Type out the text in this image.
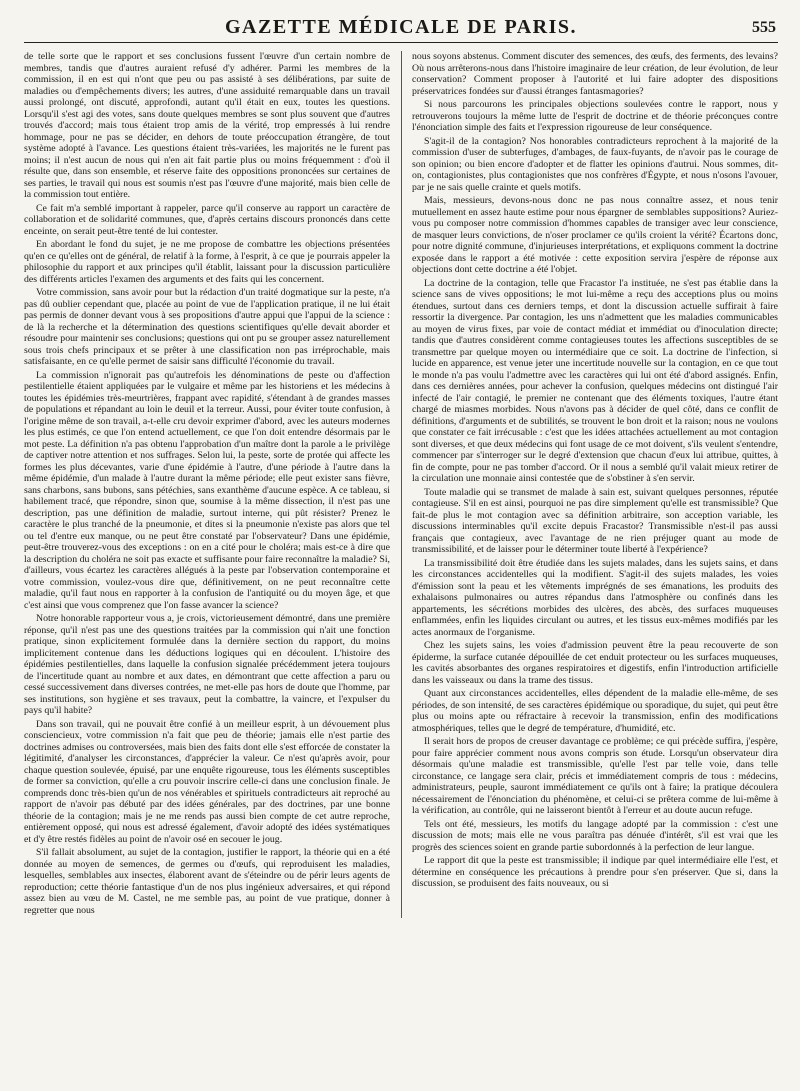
GAZETTE MÉDICALE DE PARIS.	555

de telle sorte que le rapport et ses conclusions fussent l'œuvre d'un certain nombre de membres, tandis que d'autres auraient refusé d'y adhérer. Parmi les membres de la commission, il en est qui n'ont que peu ou pas assisté à ses délibérations, par suite de maladies ou d'empêchements divers; les autres, d'une assiduité remarquable dans un travail aussi prolongé, ont discuté, approfondi, autant qu'il était en eux, toutes les questions. Lorsqu'il s'est agi des votes, sans doute quelques membres se sont plus souvent que d'autres trouvés d'accord; mais tous étaient trop amis de la vérité, trop empressés à lui rendre hommage, pour ne pas se décider, en dehors de toute préoccupation étrangère, de tout système adopté à l'avance. Les questions étaient très-variées, les majorités ne le furent pas moins; il n'est aucun de nous qui n'en ait fait partie plus ou moins fréquemment : d'où il résulte que, dans son ensemble, et réserve faite des oppositions prononcées sur certaines de ses parties, le travail qui nous est soumis n'est pas l'œuvre d'une majorité, mais bien celle de la commission tout entière.

Ce fait m'a semblé important à rappeler, parce qu'il conserve au rapport un caractère de collaboration et de solidarité communes, que, d'après certains discours prononcés dans cette enceinte, on serait peut-être tenté de lui contester.

En abordant le fond du sujet, je ne me propose de combattre les objections présentées qu'en ce qu'elles ont de général, de relatif à la forme, à l'esprit, à ce que je pourrais appeler la philosophie du rapport et aux principes qu'il établit, laissant pour la discussion particulière des différents articles l'examen des arguments et des faits qui les concernent.

Votre commission, sans avoir pour but la rédaction d'un traité dogmatique sur la peste, n'a pas dû oublier cependant que, placée au point de vue de l'application pratique, il ne lui était pas permis de donner devant vous à ses propositions d'autre appui que l'appui de la science : de là la recherche et la détermination des questions scientifiques qu'elle devait aborder et résoudre pour maintenir ses conclusions; questions qui ont pu se grouper assez naturellement sous trois chefs principaux et se prêter à une classification non pas irréprochable, mais satisfaisante, en ce qu'elle permet de saisir sans difficulté l'économie du travail.

La commission n'ignorait pas qu'autrefois les dénominations de peste ou d'affection pestilentielle étaient appliquées par le vulgaire et même par les historiens et les médecins à toutes les épidémies très-meurtrières, frappant avec rapidité, s'étendant à de grandes masses de populations et répandant au loin le deuil et la terreur. Aussi, pour éviter toute confusion, à l'origine même de son travail, a-t-elle cru devoir exprimer d'abord, avec les auteurs modernes les plus estimés, ce que l'on entend actuellement, ce que l'on doit entendre désormais par le mot peste. La définition n'a pas obtenu l'approbation d'un maître dont la parole a le privilège de captiver notre attention et nos suffrages. Selon lui, la peste, sorte de protée qui affecte les formes les plus décevantes, varie d'une épidémie à l'autre, d'une période à l'autre dans la même épidémie, d'un malade à l'autre durant la même période; elle peut exister sans fièvre, sans charbons, sans bubons, sans pétéchies, sans exanthème d'aucune espèce. A ce tableau, si habilement tracé, que répondre, sinon que, soumise à la même dissection, il n'est pas une description, pas une définition de maladie, surtout interne, qui pût résister? Prenez le caractère le plus tranché de la pneumonie, et dites si la pneumonie n'existe pas alors que tel ou tel d'entre eux manque, ou ne peut être constaté par l'observateur? Dans une épidémie, peut-être trouverez-vous des exceptions : on en a cité pour le choléra; mais est-ce à dire que la description du choléra ne soit pas exacte et suffisante pour faire reconnaître la maladie? Si, d'ailleurs, vous écartez les caractères allégués à la peste par l'observation contemporaine et votre commission, voulez-vous dire que, définitivement, on ne peut reconnaître cette maladie, qu'il faut nous en rapporter à la confusion de l'antiquité ou du moyen âge, et que c'est ainsi que vous comprenez que l'on fasse avancer la science?

Notre honorable rapporteur vous a, je crois, victorieusement démontré, dans une première réponse, qu'il n'est pas une des questions traitées par la commission qui n'ait une fonction pratique, sinon explicitement formulée dans la dernière section du rapport, du moins implicitement contenue dans les déductions logiques qui en découlent. L'histoire des épidémies pestilentielles, dans laquelle la confusion signalée précédemment jetera toujours de l'incertitude quant au nombre et aux dates, en démontrant que cette affection a paru ou cessé successivement dans diverses contrées, ne met-elle pas hors de doute que l'homme, par ses institutions, son hygiène et ses travaux, peut la combattre, la vaincre, et l'expulser du pays qu'il habite?

Dans son travail, qui ne pouvait être confié à un meilleur esprit, à un dévouement plus consciencieux, votre commission n'a fait que peu de théorie; jamais elle n'est partie des doctrines admises ou controversées, mais bien des faits dont elle s'est efforcée de constater la légitimité, d'analyser les circonstances, d'apprécier la valeur. Ce n'est qu'après avoir, pour chaque question soulevée, épuisé, par une enquête rigoureuse, tous les éléments susceptibles de former sa conviction, qu'elle a cru pouvoir inscrire celle-ci dans une conclusion finale. Je comprends donc très-bien qu'un de nos vénérables et spirituels contradicteurs ait reproché au rapport de n'avoir pas débuté par des idées générales, par des doctrines, par une bonne théorie de la contagion; mais je ne me rends pas aussi bien compte de cet autre reproche, entièrement opposé, qui nous est adressé également, d'avoir adopté des idées systématiques et d'y être restés fidèles au point de n'avoir osé en secouer le joug.

S'il fallait absolument, au sujet de la contagion, justifier le rapport, la théorie qui en a été donnée au moyen de semences, de germes ou d'œufs, qui reproduisent les maladies, lesquelles, semblables aux insectes, élaborent avant de s'éteindre ou de périr leurs agents de reproduction; cette théorie fantastique d'un de nos plus ingénieux adversaires, et qui répond assez bien au vœu de M. Castel, ne me semble pas, au point de vue pratique, donner à regretter que nous

nous soyons abstenus. Comment discuter des semences, des œufs, des ferments, des levains? Où nous arrêterons-nous dans l'histoire imaginaire de leur création, de leur évolution, de leur conservation? Comment proposer à l'autorité et lui faire adopter des dispositions préservatrices fondées sur d'aussi étranges fantasmagories?

Si nous parcourons les principales objections soulevées contre le rapport, nous y retrouverons toujours la même lutte de l'esprit de doctrine et de théorie préconçues contre l'énonciation simple des faits et l'expression rigoureuse de leur conséquence.

S'agit-il de la contagion? Nos honorables contradicteurs reprochent à la majorité de la commission d'user de subterfuges, d'ambages, de faux-fuyants, de n'avoir pas le courage de son opinion; ou bien encore d'adopter et de flatter les opinions d'autrui. Nous sommes, dit-on, contagionistes, plus contagionistes que nos confrères d'Égypte, et nous n'osons l'avouer, par je ne sais quelle crainte et quels motifs.

Mais, messieurs, devons-nous donc ne pas nous connaître assez, et nous tenir mutuellement en assez haute estime pour nous épargner de semblables suppositions? Auriez-vous pu composer notre commission d'hommes capables de transiger avec leur conscience, de masquer leurs convictions, de n'oser proclamer ce qu'ils croient la vérité? Écartons donc, pour notre dignité commune, d'injurieuses interprétations, et expliquons comment la doctrine exposée dans le rapport a été motivée : cette exposition servira j'espère de réponse aux objections dont cette doctrine a été l'objet.

La doctrine de la contagion, telle que Fracastor l'a instituée, ne s'est pas établie dans la science sans de vives oppositions; le mot lui-même a reçu des acceptions plus ou moins étendues, surtout dans ces derniers temps, et dont la discussion actuelle suffirait à faire ressortir la divergence. Par contagion, les uns n'admettent que les maladies communicables au moyen de virus fixes, par voie de contact médiat et immédiat ou d'inoculation directe; tandis que d'autres considèrent comme contagieuses toutes les affections susceptibles de se transmettre par quelque moyen ou intermédiaire que ce soit. La doctrine de l'infection, si lucide en apparence, est venue jeter une incertitude nouvelle sur la contagion, en ce que tout le monde n'a pas voulu l'admettre avec les caractères qui lui ont été d'abord assignés. Enfin, dans ces dernières années, pour achever la confusion, quelques médecins ont distingué l'air infecté de l'air contagié, le premier ne contenant que des éléments toxiques, l'autre étant chargé de miasmes morbides. Nous n'avons pas à décider de quel côté, dans ce conflit de définitions, d'arguments et de subtilités, se trouvent le bon droit et la raison; nous ne voulons que constater ce fait irrécusable : c'est que les idées attachées actuellement au mot contagion sont diverses, et que deux médecins qui font usage de ce mot doivent, s'ils veulent s'entendre, commencer par s'interroger sur le degré d'extension que chacun d'eux lui attribue, quittes, à fin de compte, pour ne pas tomber d'accord. Or il nous a semblé qu'il valait mieux retirer de la circulation une monnaie ainsi contestée que de s'obstiner à s'en servir.

Toute maladie qui se transmet de malade à sain est, suivant quelques personnes, réputée contagieuse. S'il en est ainsi, pourquoi ne pas dire simplement qu'elle est transmissible? Que fait-de plus le mot contagion avec sa définition arbitraire, son acception variable, les discussions interminables qu'il excite depuis Fracastor? Transmissible n'est-il pas aussi français que contagieux, avec l'avantage de ne rien préjuger quant au mode de transmissibilité, et de laisser pour le déterminer toute liberté à l'expérience?

La transmissibilité doit être étudiée dans les sujets malades, dans les sujets sains, et dans les circonstances accidentelles qui la modifient. S'agit-il des sujets malades, les voies d'émission sont la peau et les vêtements imprégnés de ses émanations, les produits des exhalaisons pulmonaires ou autres répandus dans l'atmosphère ou confinés dans les appartements, les sécrétions morbides des ulcères, des abcès, des surfaces muqueuses enflammées, enfin les liquides circulant ou autres, et les tissus eux-mêmes modifiés par les actes anormaux de l'organisme.

Chez les sujets sains, les voies d'admission peuvent être la peau recouverte de son épiderme, la surface cutanée dépouillée de cet enduit protecteur ou les surfaces muqueuses, les cavités absorbantes des organes respiratoires et digestifs, enfin l'introduction artificielle dans les vaisseaux ou dans la trame des tissus.

Quant aux circonstances accidentelles, elles dépendent de la maladie elle-même, de ses périodes, de son intensité, de ses caractères épidémique ou sporadique, du sujet, qui peut être plus ou moins apte ou réfractaire à recevoir la transmission, enfin des modifications atmosphériques, telles que le degré de température, d'humidité, etc.

Il serait hors de propos de creuser davantage ce problème; ce qui précède suffira, j'espère, pour faire apprécier comment nous avons compris son étude. Lorsqu'un observateur dira désormais qu'une maladie est transmissible, qu'elle l'est par telle voie, dans telle circonstance, ce langage sera clair, précis et immédiatement compris de tous : médecins, administrateurs, peuple, sauront immédiatement ce qu'ils ont à faire; la pratique découlera nécessairement de l'énonciation du phénomène, et celui-ci se prêtera comme de lui-même à la vérification, au contrôle, qui ne laisseront bientôt à l'erreur et au doute aucun refuge.

Tels ont été, messieurs, les motifs du langage adopté par la commission : c'est une discussion de mots; mais elle ne vous paraîtra pas dénuée d'intérêt, s'il est vrai que les progrès des sciences soient en grande partie subordonnés à la perfection de leur langue.

Le rapport dit que la peste est transmissible; il indique par quel intermédiaire elle l'est, et détermine en conséquence les précautions à prendre pour s'en préserver. Que si, dans la discussion, se produisent des faits nouveaux, ou si
